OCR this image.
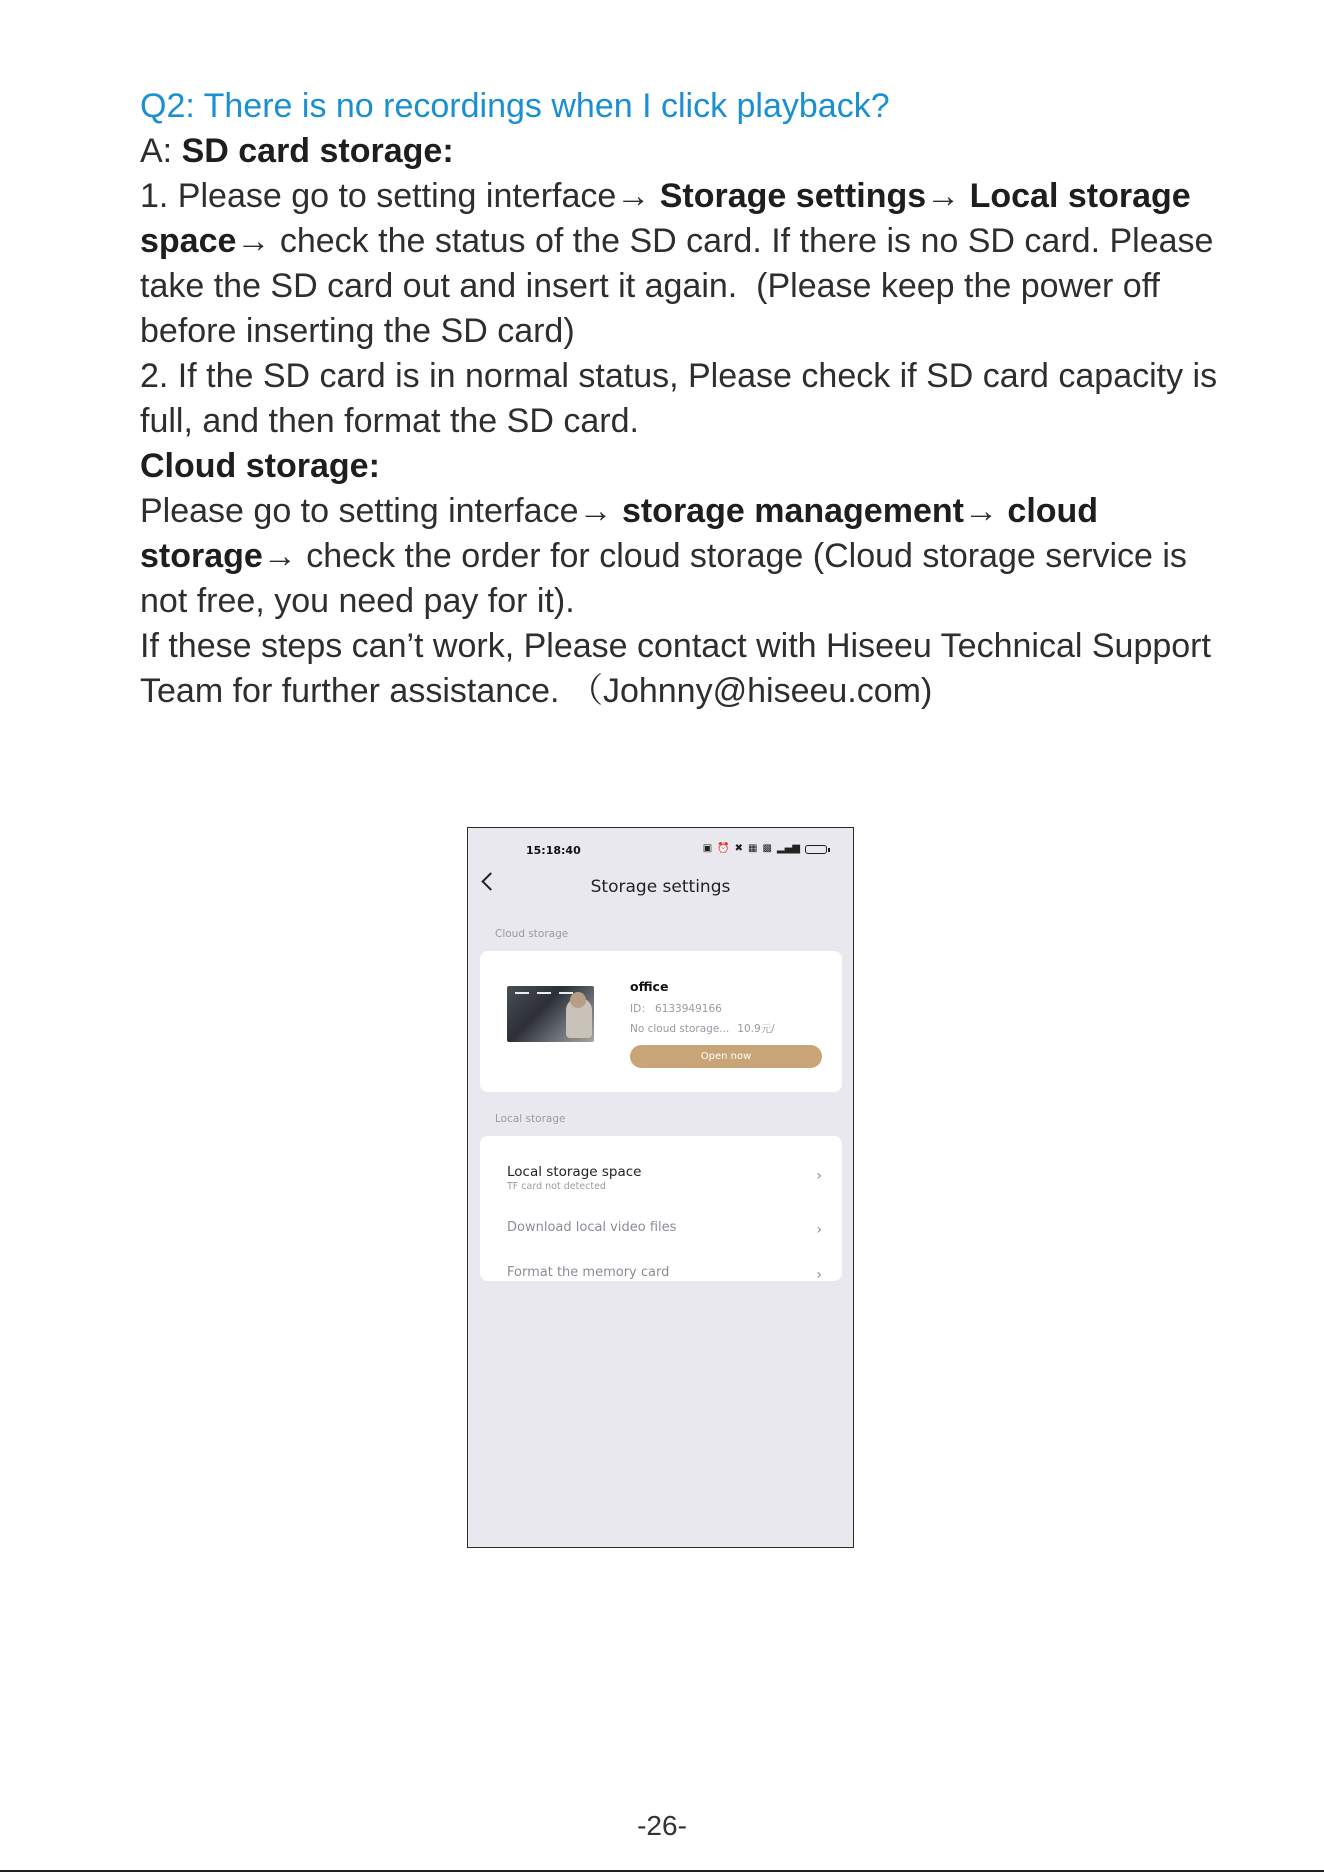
Q2: There is no recordings when I click playback?

A: SD card storage:

1. Please go to setting interface→ Storage settings→ Local storage space→ check the status of the SD card. If there is no SD card. Please take the SD card out and insert it again.  (Please keep the power off before inserting the SD card)

2. If the SD card is in normal status, Please check if SD card capacity is full, and then format the SD card.

Cloud storage:

Please go to setting interface→ storage management→ cloud storage→ check the order for cloud storage (Cloud storage service is not free, you need pay for it).

If these steps can’t work, Please contact with Hiseeu Technical Support Team for further assistance. （Johnny@hiseeu.com)

15:18:40	▣ ⏰ ✖ ▦ ▩ ▂▄▆
Storage settings
Cloud storage
office
ID： 6133949166
No cloud storage... 10.9元/
Open now
Local storage
Local storage space
TF card not detected
›
Download local video files	›
Format the memory card	›
-26-
